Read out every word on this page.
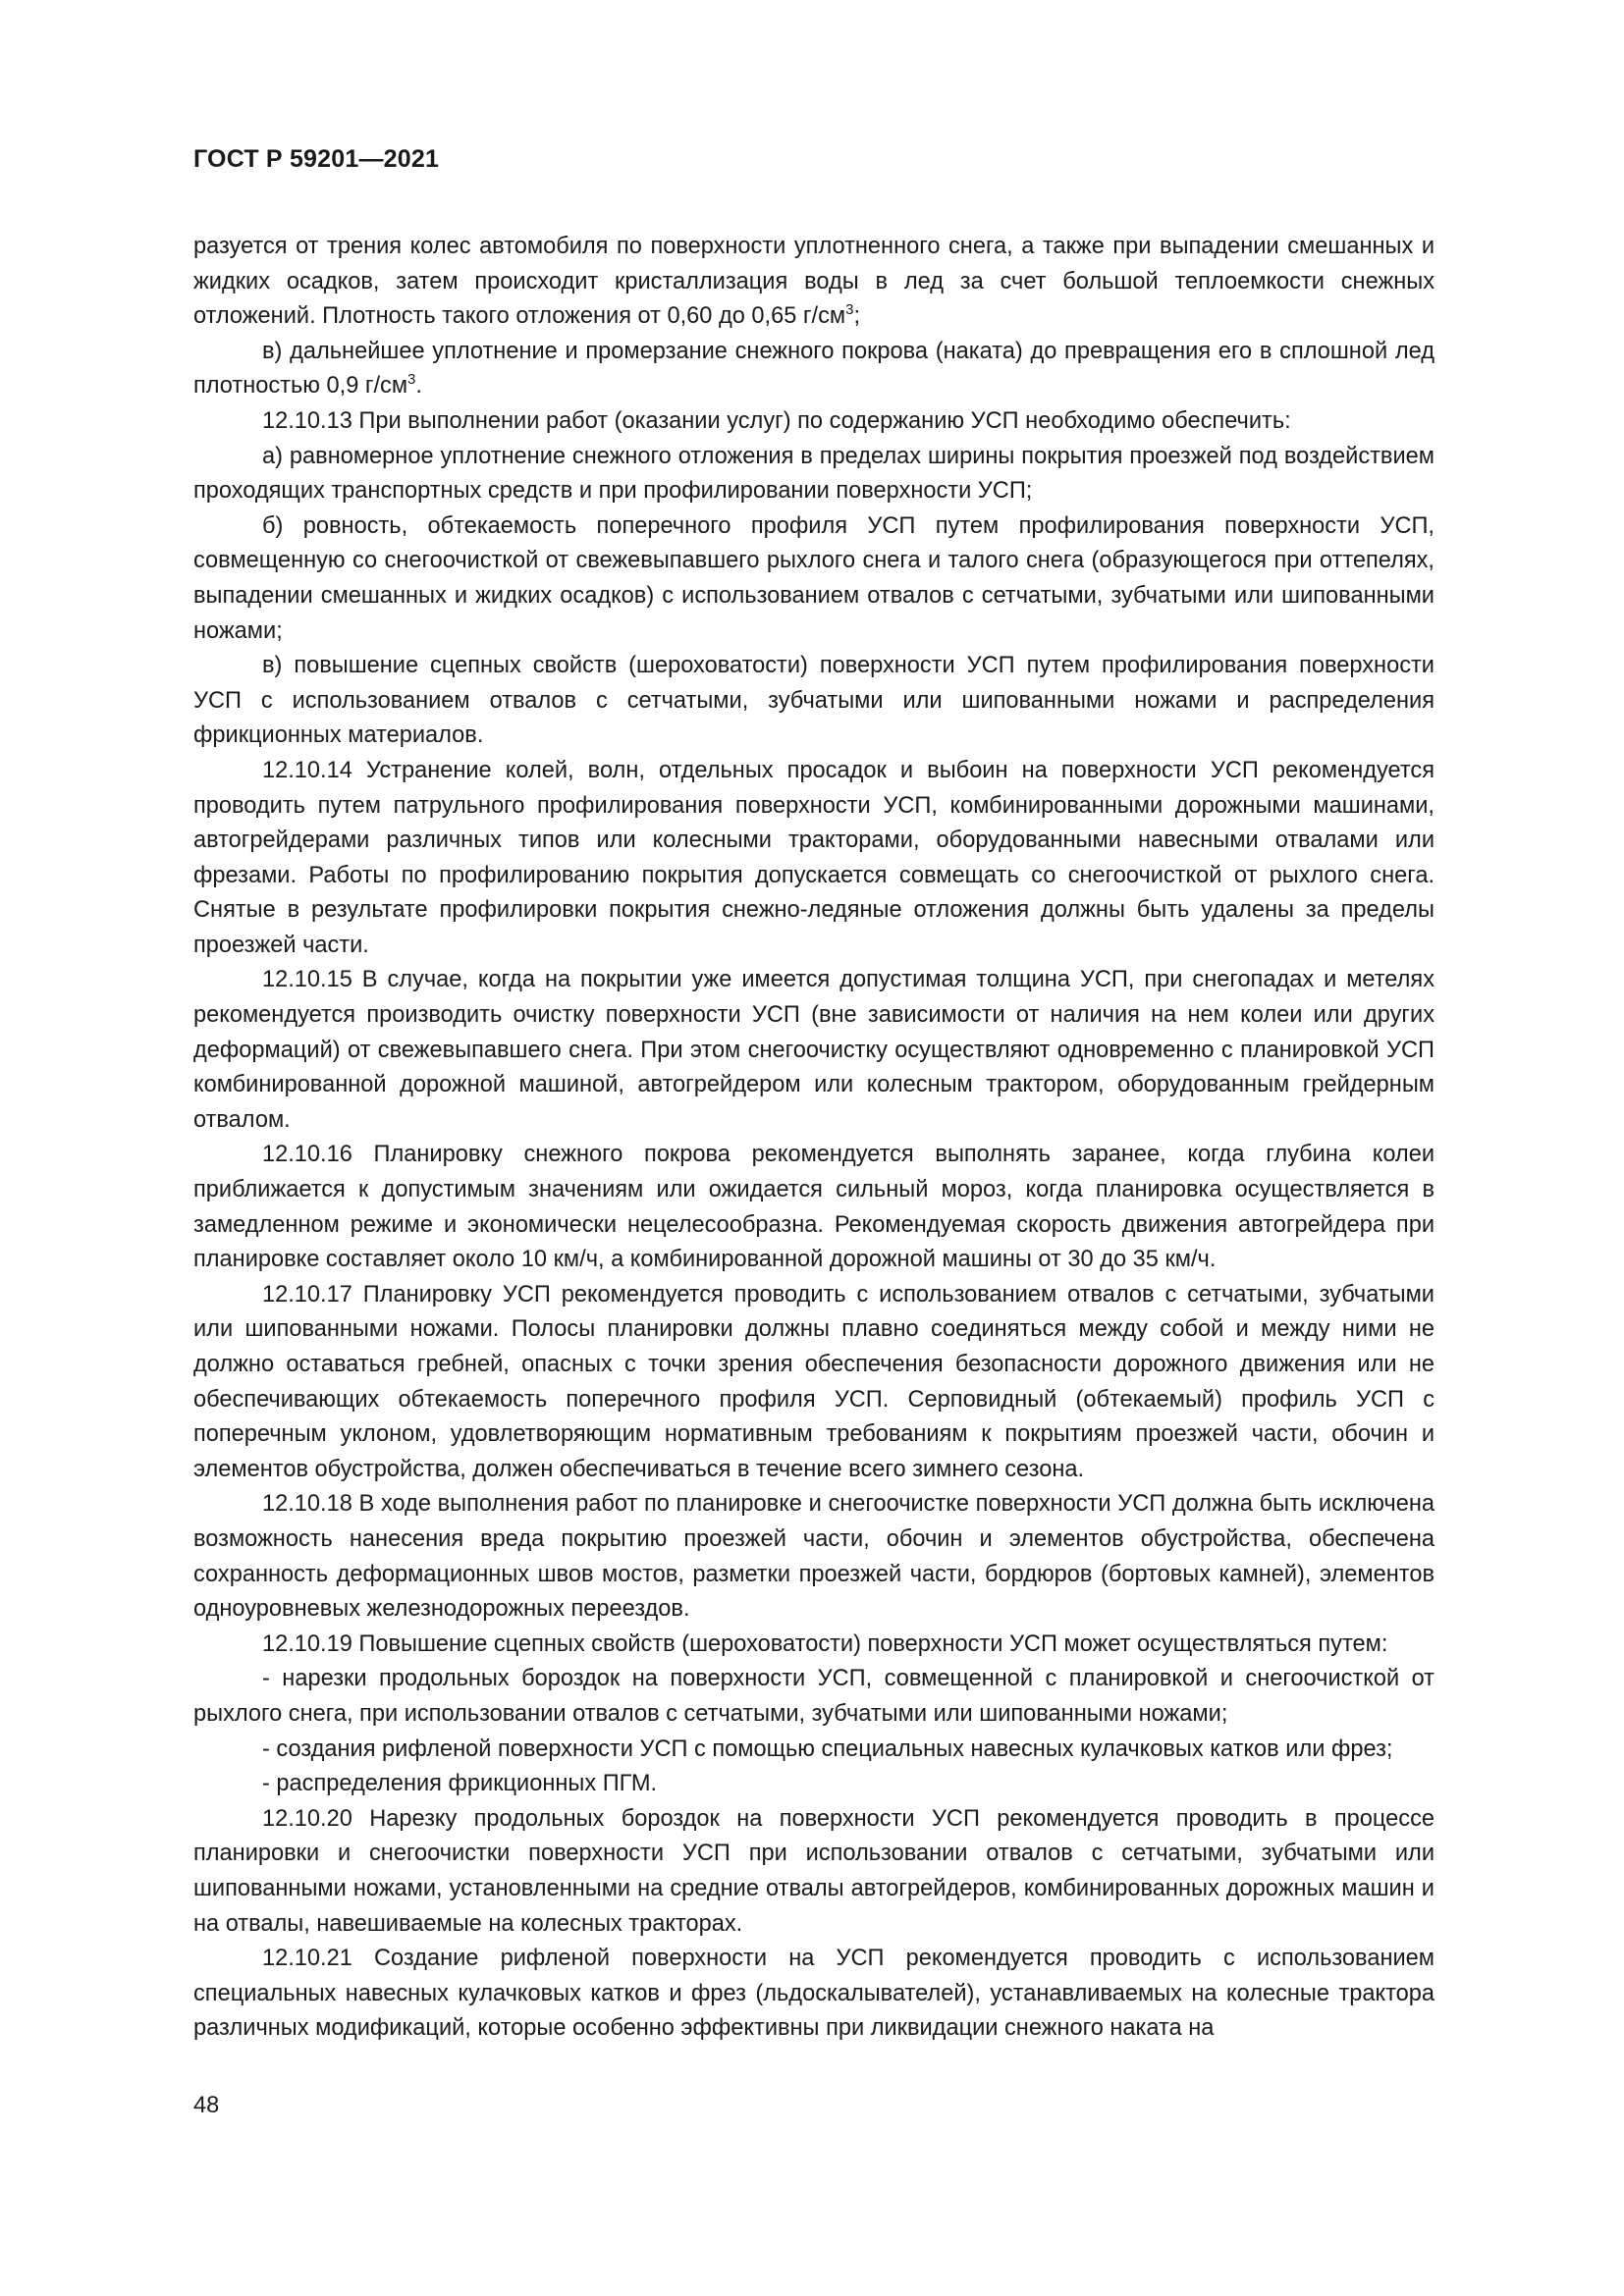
ГОСТ Р 59201—2021

разуется от трения колес автомобиля по поверхности уплотненного снега, а также при выпадении смешанных и жидких осадков, затем происходит кристаллизация воды в лед за счет большой теплоемкости снежных отложений. Плотность такого отложения от 0,60 до 0,65 $г/см^3$;

в) дальнейшее уплотнение и промерзание снежного покрова (наката) до превращения его в сплошной лед плотностью 0,9 $г/см^3$.

12.10.13 При выполнении работ (оказании услуг) по содержанию УСП необходимо обеспечить:

а) равномерное уплотнение снежного отложения в пределах ширины покрытия проезжей под воздействием проходящих транспортных средств и при профилировании поверхности УСП;

б) ровность, обтекаемость поперечного профиля УСП путем профилирования поверхности УСП, совмещенную со снегоочисткой от свежевыпавшего рыхлого снега и талого снега (образующегося при оттепелях, выпадении смешанных и жидких осадков) с использованием отвалов с сетчатыми, зубчатыми или шипованными ножами;

в) повышение сцепных свойств (шероховатости) поверхности УСП путем профилирования поверхности УСП с использованием отвалов с сетчатыми, зубчатыми или шипованными ножами и распределения фрикционных материалов.

12.10.14 Устранение колей, волн, отдельных просадок и выбоин на поверхности УСП рекомендуется проводить путем патрульного профилирования поверхности УСП, комбинированными дорожными машинами, автогрейдерами различных типов или колесными тракторами, оборудованными навесными отвалами или фрезами. Работы по профилированию покрытия допускается совмещать со снегоочисткой от рыхлого снега. Снятые в результате профилировки покрытия снежно-ледяные отложения должны быть удалены за пределы проезжей части.

12.10.15 В случае, когда на покрытии уже имеется допустимая толщина УСП, при снегопадах и метелях рекомендуется производить очистку поверхности УСП (вне зависимости от наличия на нем колеи или других деформаций) от свежевыпавшего снега. При этом снегоочистку осуществляют одновременно с планировкой УСП комбинированной дорожной машиной, автогрейдером или колесным трактором, оборудованным грейдерным отвалом.

12.10.16 Планировку снежного покрова рекомендуется выполнять заранее, когда глубина колеи приближается к допустимым значениям или ожидается сильный мороз, когда планировка осуществляется в замедленном режиме и экономически нецелесообразна. Рекомендуемая скорость движения автогрейдера при планировке составляет около 10 км/ч, а комбинированной дорожной машины от 30 до 35 км/ч.

12.10.17 Планировку УСП рекомендуется проводить с использованием отвалов с сетчатыми, зубчатыми или шипованными ножами. Полосы планировки должны плавно соединяться между собой и между ними не должно оставаться гребней, опасных с точки зрения обеспечения безопасности дорожного движения или не обеспечивающих обтекаемость поперечного профиля УСП. Серповидный (обтекаемый) профиль УСП с поперечным уклоном, удовлетворяющим нормативным требованиям к покрытиям проезжей части, обочин и элементов обустройства, должен обеспечиваться в течение всего зимнего сезона.

12.10.18 В ходе выполнения работ по планировке и снегоочистке поверхности УСП должна быть исключена возможность нанесения вреда покрытию проезжей части, обочин и элементов обустройства, обеспечена сохранность деформационных швов мостов, разметки проезжей части, бордюров (бортовых камней), элементов одноуровневых железнодорожных переездов.

12.10.19 Повышение сцепных свойств (шероховатости) поверхности УСП может осуществляться путем:

- нарезки продольных бороздок на поверхности УСП, совмещенной с планировкой и снегоочисткой от рыхлого снега, при использовании отвалов с сетчатыми, зубчатыми или шипованными ножами;

- создания рифленой поверхности УСП с помощью специальных навесных кулачковых катков или фрез;

- распределения фрикционных ПГМ.

12.10.20 Нарезку продольных бороздок на поверхности УСП рекомендуется проводить в процессе планировки и снегоочистки поверхности УСП при использовании отвалов с сетчатыми, зубчатыми или шипованными ножами, установленными на средние отвалы автогрейдеров, комбинированных дорожных машин и на отвалы, навешиваемые на колесных тракторах.

12.10.21 Создание рифленой поверхности на УСП рекомендуется проводить с использованием специальных навесных кулачковых катков и фрез (льдоскалывателей), устанавливаемых на колесные трактора различных модификаций, которые особенно эффективны при ликвидации снежного наката на

48
